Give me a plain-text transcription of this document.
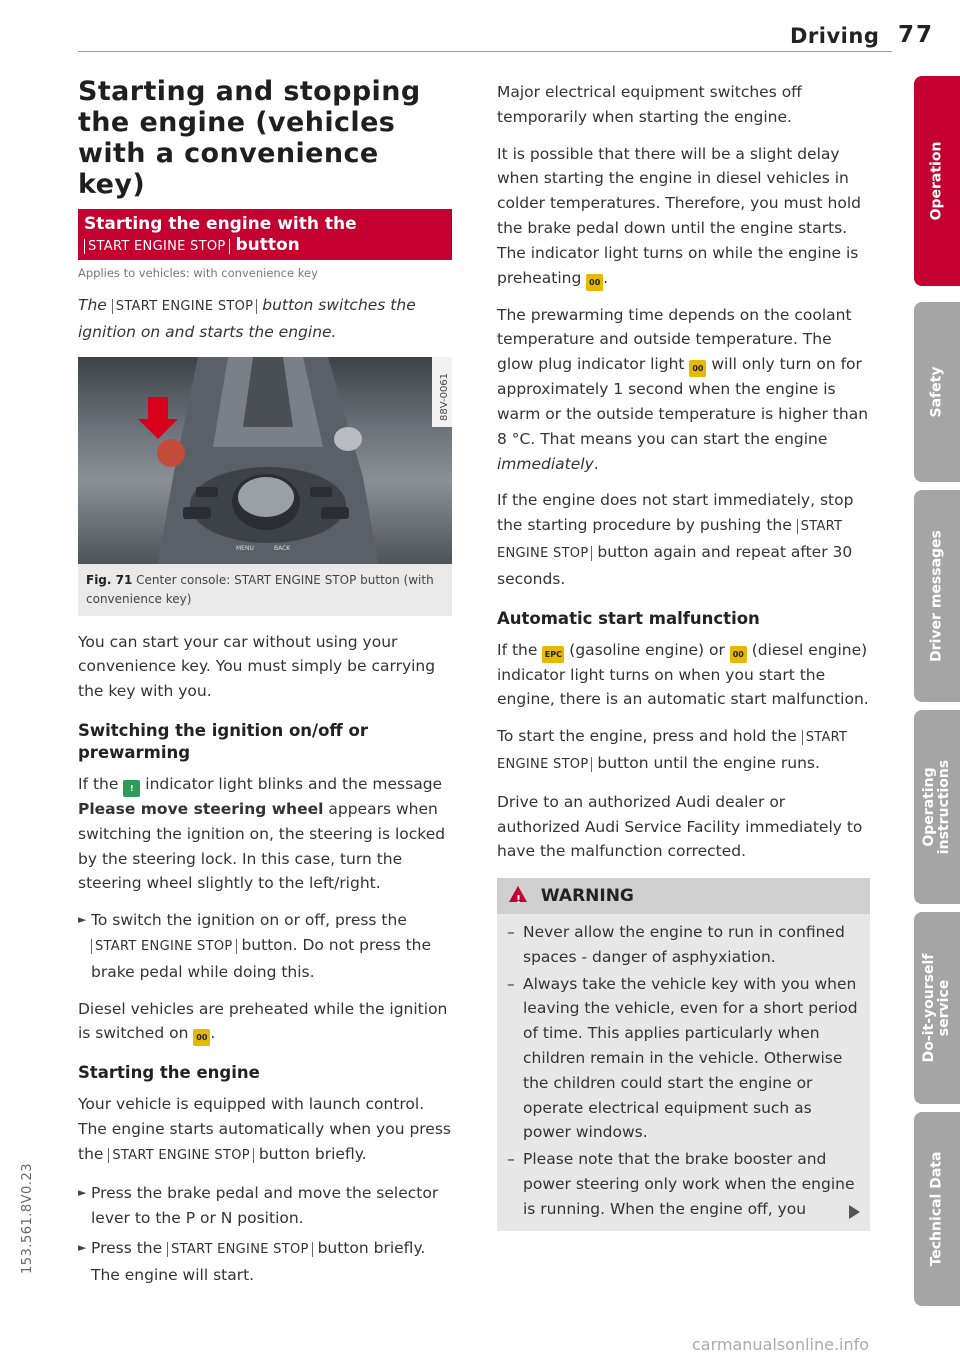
Driving 77
Starting and stopping the engine (vehicles with a convenience key)
Starting the engine with the
START ENGINE STOP button
Applies to vehicles: with convenience key

The START ENGINE STOP button switches the ignition on and starts the engine.

MENU	BACK
88V-0061
Fig. 71 Center console: START ENGINE STOP button (with convenience key)

You can start your car without using your convenience key. You must simply be carrying the key with you.

Switching the ignition on/off or prewarming

If the ! indicator light blinks and the message Please move steering wheel appears when switching the ignition on, the steering is locked by the steering lock. In this case, turn the steering wheel slightly to the left/right.

► To switch the ignition on or off, press the START ENGINE STOP button. Do not press the brake pedal while doing this.

Diesel vehicles are preheated while the ignition is switched on 00 .

Starting the engine

Your vehicle is equipped with launch control. The engine starts automatically when you press the START ENGINE STOP button briefly.

► Press the brake pedal and move the selector lever to the P or N position.
► Press the START ENGINE STOP button briefly. The engine will start.

Major electrical equipment switches off temporarily when starting the engine.

It is possible that there will be a slight delay when starting the engine in diesel vehicles in colder temperatures. Therefore, you must hold the brake pedal down until the engine starts. The indicator light turns on while the engine is preheating 00 .

The prewarming time depends on the coolant temperature and outside temperature. The glow plug indicator light 00 will only turn on for approximately 1 second when the engine is warm or the outside temperature is higher than 8 °C. That means you can start the engine immediately.

If the engine does not start immediately, stop the starting procedure by pushing the START ENGINE STOP button again and repeat after 30 seconds.

Automatic start malfunction

If the EPC (gasoline engine) or 00 (diesel engine) indicator light turns on when you start the engine, there is an automatic start malfunction.

To start the engine, press and hold the START ENGINE STOP button until the engine runs.

Drive to an authorized Audi dealer or authorized Audi Service Facility immediately to have the malfunction corrected.

! WARNING
– Never allow the engine to run in confined spaces - danger of asphyxiation.
– Always take the vehicle key with you when leaving the vehicle, even for a short period of time. This applies particularly when children remain in the vehicle. Otherwise the children could start the engine or operate electrical equipment such as power windows.
– Please note that the brake booster and power steering only work when the engine is running. When the engine off, you
Operation
Safety
Driver messages
Operating instructions
Do-it-yourself service
Technical Data
153.561.8V0.23
carmanualsonline.info
